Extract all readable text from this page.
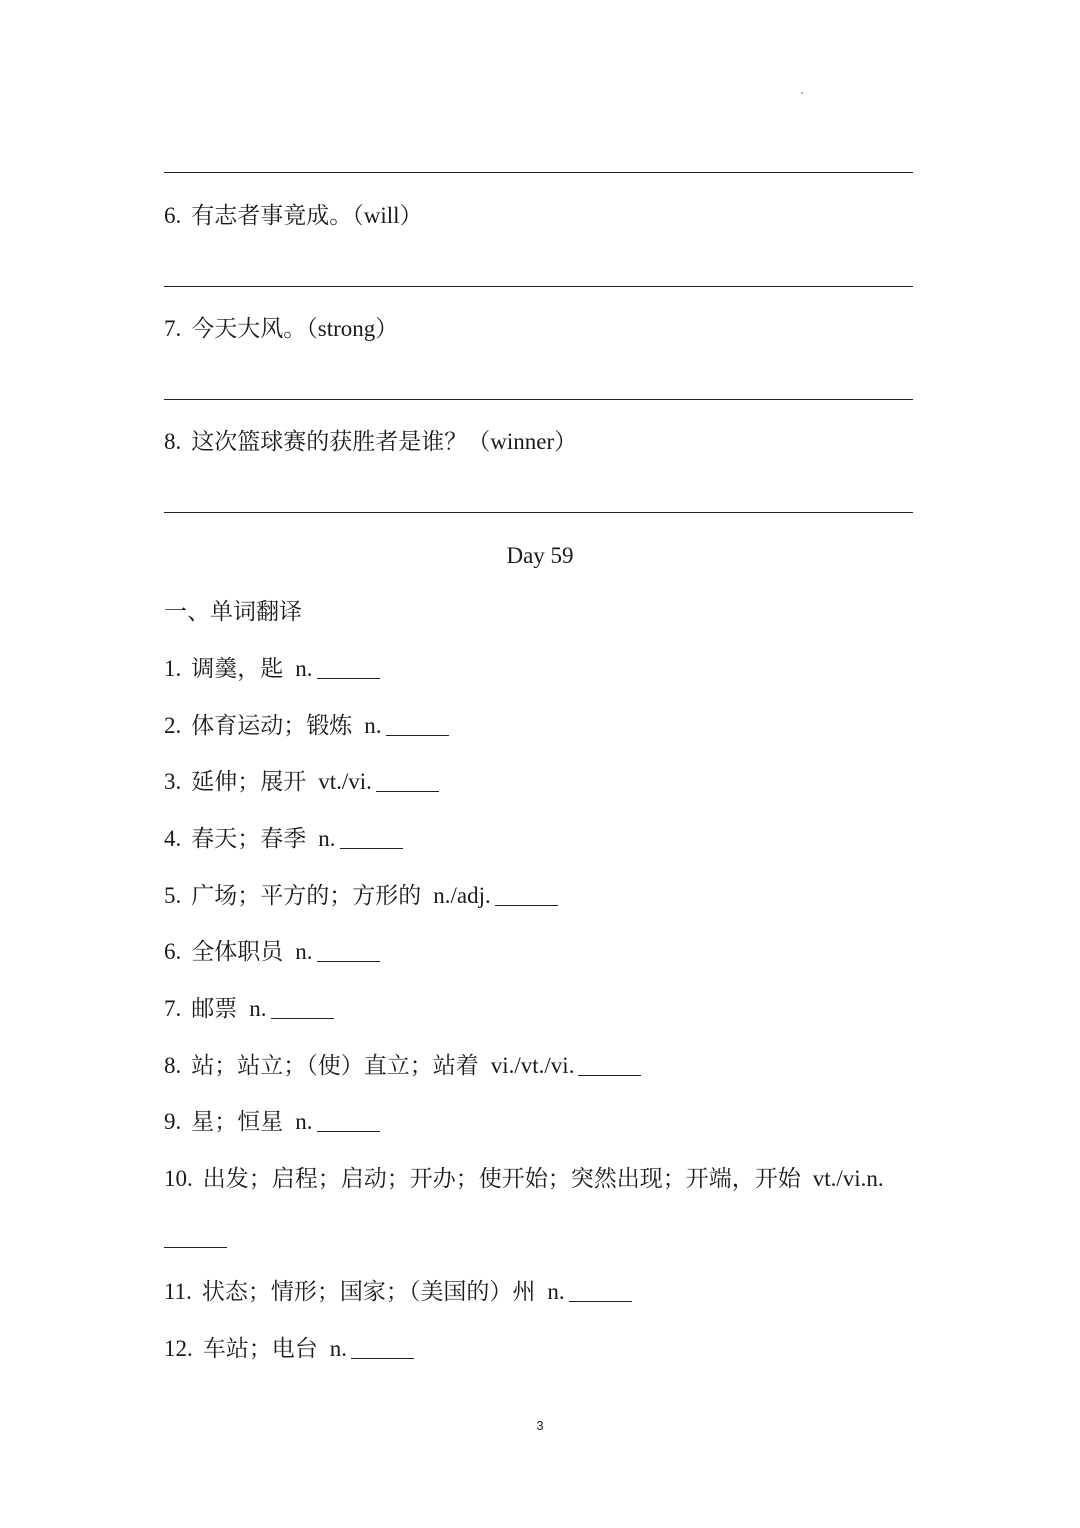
6. 有志者事竟成。（will）
7. 今天大风。（strong）
8. 这次篮球赛的获胜者是谁？（winner）
Day 59
一、单词翻译
1. 调羹，匙 n.
2. 体育运动；锻炼 n.
3. 延伸；展开 vt./vi.
4. 春天；春季 n.
5. 广场；平方的；方形的 n./adj.
6. 全体职员 n.
7. 邮票 n.
8. 站；站立；（使）直立；站着 vi./vt./vi.
9. 星；恒星 n.
10. 出发；启程；启动；开办；使开始；突然出现；开端，开始 vt./vi.n.
11. 状态；情形；国家；（美国的）州 n.
12. 车站；电台 n.
3
